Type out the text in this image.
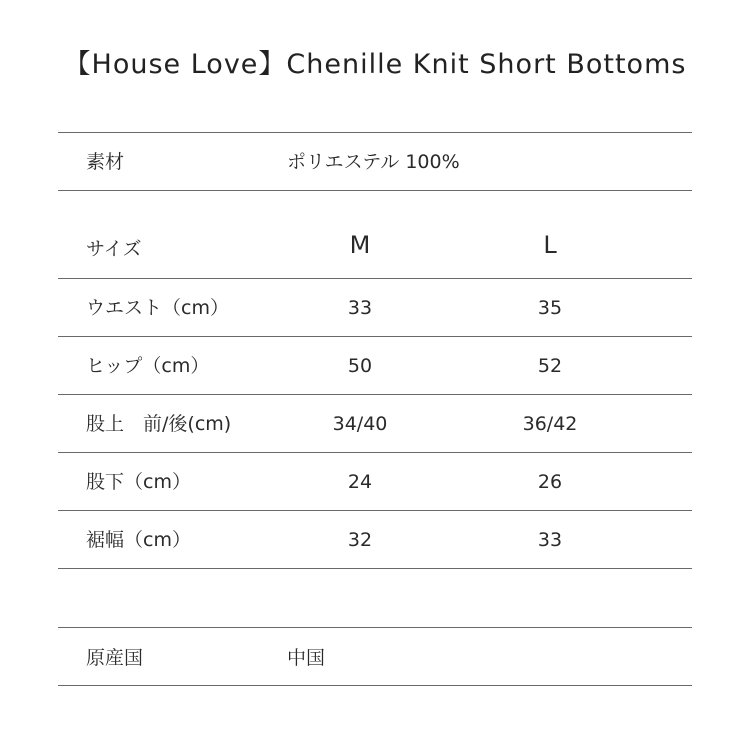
【House Love】Chenille Knit Short Bottoms
素材	ポリエステル 100%
サイズ	M	L
ウエスト（cm）	33	35
ヒップ（cm）	50	52
股上　前/後(cm)	34/40	36/42
股下（cm）	24	26
裾幅（cm）	32	33
原産国	中国
